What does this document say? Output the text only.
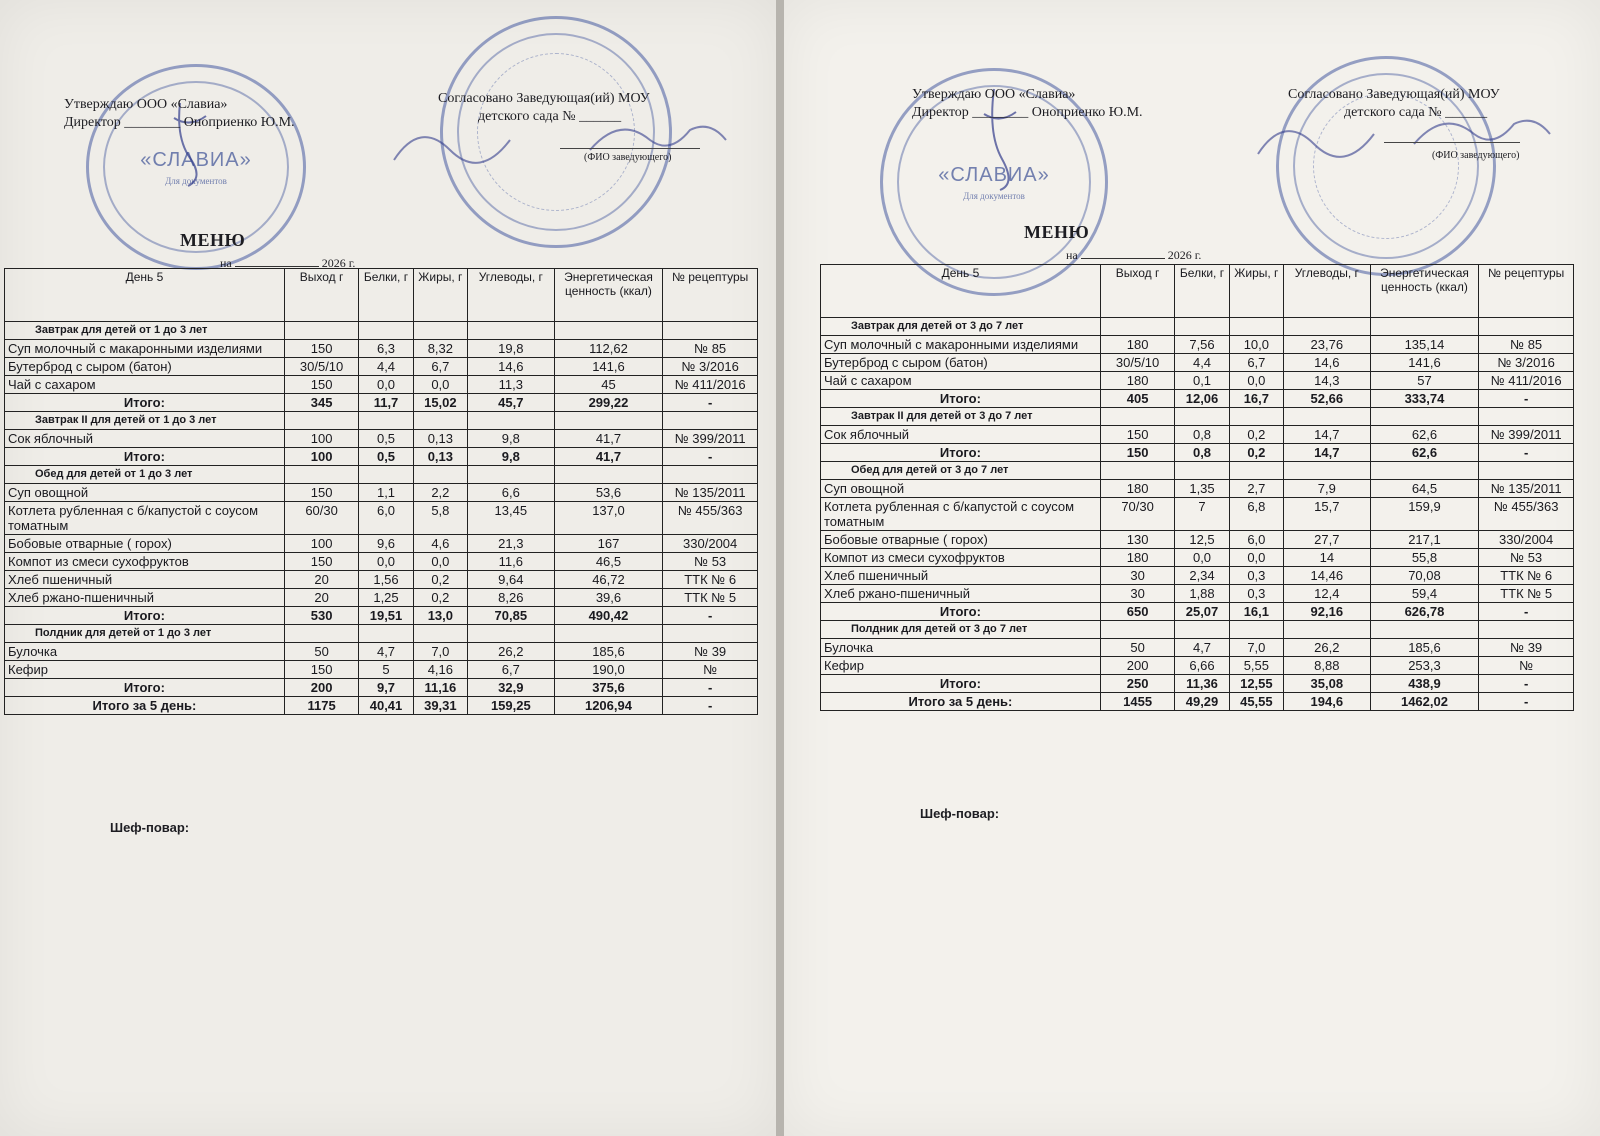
«СЛАВИА»
Для документов
Утверждаю ООО «Славиа»
Директор ________ Оноприенко Ю.М.
Согласовано Заведующая(ий) МОУ
детского сада № ______
(ФИО заведующего)
МЕНЮ
на	2026 г.
День 5	Выход г	Белки, г	Жиры, г	Углеводы, г	Энергетическая ценность (ккал)	№ рецептуры
Завтрак для детей от 1 до 3 лет						
Суп молочный с макаронными изделиями	150	6,3	8,32	19,8	112,62	№ 85
Бутерброд с сыром (батон)	30/5/10	4,4	6,7	14,6	141,6	№ 3/2016
Чай с сахаром	150	0,0	0,0	11,3	45	№ 411/2016
Итого:	345	11,7	15,02	45,7	299,22	-
Завтрак II для детей от 1 до 3 лет						
Сок яблочный	100	0,5	0,13	9,8	41,7	№ 399/2011
Итого:	100	0,5	0,13	9,8	41,7	-
Обед для детей от 1 до 3 лет						
Суп овощной	150	1,1	2,2	6,6	53,6	№ 135/2011
Котлета рубленная с б/капустой с соусом томатным	60/30	6,0	5,8	13,45	137,0	№ 455/363
Бобовые отварные ( горох)	100	9,6	4,6	21,3	167	330/2004
Компот из смеси сухофруктов	150	0,0	0,0	11,6	46,5	№ 53
Хлеб пшеничный	20	1,56	0,2	9,64	46,72	ТТК № 6
Хлеб ржано-пшеничный	20	1,25	0,2	8,26	39,6	ТТК № 5
Итого:	530	19,51	13,0	70,85	490,42	-
Полдник для детей от 1 до 3 лет						
Булочка	50	4,7	7,0	26,2	185,6	№ 39
Кефир	150	5	4,16	6,7	190,0	№
Итого:	200	9,7	11,16	32,9	375,6	-
Итого за 5 день:	1175	40,41	39,31	159,25	1206,94	-
Шеф-повар:
«СЛАВИА»
Для документов
Утверждаю ООО «Славиа»
Директор ________ Оноприенко Ю.М.
Согласовано Заведующая(ий) МОУ
детского сада № ______
(ФИО заведующего)
МЕНЮ
на	2026 г.
День 5	Выход г	Белки, г	Жиры, г	Углеводы, г	Энергетическая ценность (ккал)	№ рецептуры
Завтрак для детей от 3 до 7 лет						
Суп молочный с макаронными изделиями	180	7,56	10,0	23,76	135,14	№ 85
Бутерброд с сыром (батон)	30/5/10	4,4	6,7	14,6	141,6	№ 3/2016
Чай с сахаром	180	0,1	0,0	14,3	57	№ 411/2016
Итого:	405	12,06	16,7	52,66	333,74	-
Завтрак II для детей от 3 до 7 лет						
Сок яблочный	150	0,8	0,2	14,7	62,6	№ 399/2011
Итого:	150	0,8	0,2	14,7	62,6	-
Обед для детей от 3 до 7 лет						
Суп овощной	180	1,35	2,7	7,9	64,5	№ 135/2011
Котлета рубленная с б/капустой с соусом томатным	70/30	7	6,8	15,7	159,9	№ 455/363
Бобовые отварные ( горох)	130	12,5	6,0	27,7	217,1	330/2004
Компот из смеси сухофруктов	180	0,0	0,0	14	55,8	№ 53
Хлеб пшеничный	30	2,34	0,3	14,46	70,08	ТТК № 6
Хлеб ржано-пшеничный	30	1,88	0,3	12,4	59,4	ТТК № 5
Итого:	650	25,07	16,1	92,16	626,78	-
Полдник для детей от 3 до 7 лет						
Булочка	50	4,7	7,0	26,2	185,6	№ 39
Кефир	200	6,66	5,55	8,88	253,3	№
Итого:	250	11,36	12,55	35,08	438,9	-
Итого за 5 день:	1455	49,29	45,55	194,6	1462,02	-
Шеф-повар:
